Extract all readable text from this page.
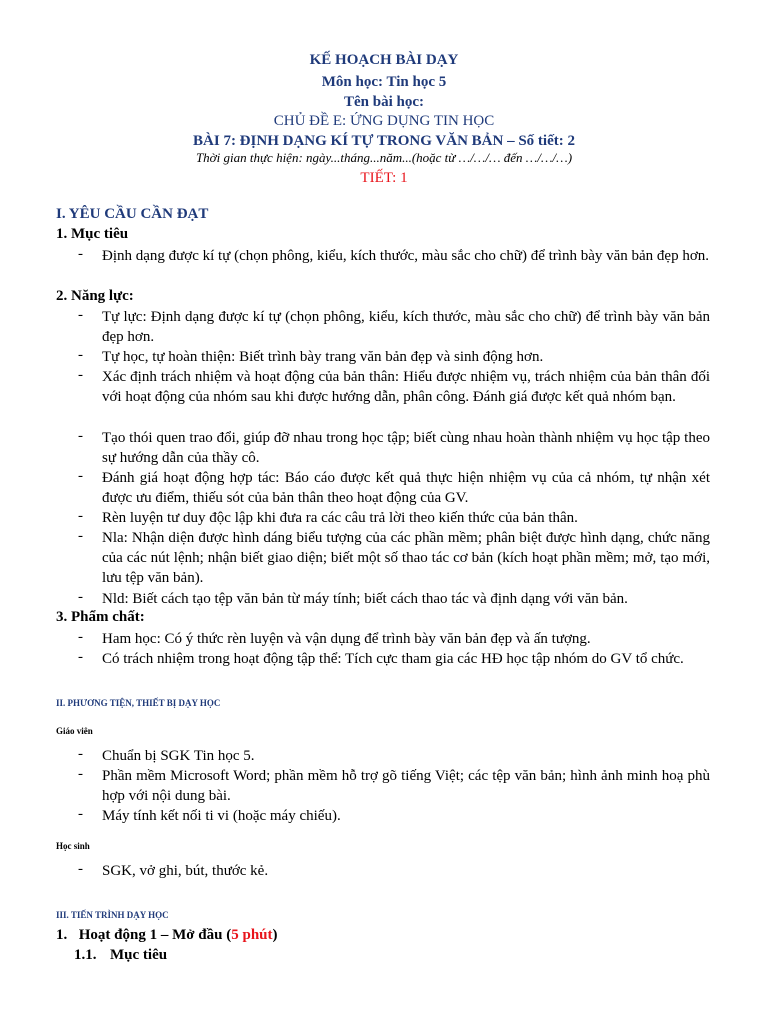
KẾ HOẠCH BÀI DẠY
Môn học: Tin học 5
Tên bài học:
CHỦ ĐỀ E: ỨNG DỤNG TIN HỌC
BÀI 7: ĐỊNH DẠNG KÍ TỰ TRONG VĂN BẢN – Số tiết: 2
Thời gian thực hiện: ngày...tháng...năm...(hoặc từ …/…/… đến …/…/…)
TIẾT: 1
I. YÊU CẦU CẦN ĐẠT
1. Mục tiêu
- Định dạng được kí tự (chọn phông, kiểu, kích thước, màu sắc cho chữ) để trình bày văn bản đẹp hơn.
2. Năng lực:
- Tự lực: Định dạng được kí tự (chọn phông, kiểu, kích thước, màu sắc cho chữ) để trình bày văn bản đẹp hơn.
- Tự học, tự hoàn thiện: Biết trình bày trang văn bản đẹp và sinh động hơn.
- Xác định trách nhiệm và hoạt động của bản thân: Hiểu được nhiệm vụ, trách nhiệm của bản thân đối với hoạt động của nhóm sau khi được hướng dẫn, phân công. Đánh giá được kết quả nhóm bạn.
- Tạo thói quen trao đổi, giúp đỡ nhau trong học tập; biết cùng nhau hoàn thành nhiệm vụ học tập theo sự hướng dẫn của thầy cô.
- Đánh giá hoạt động hợp tác: Báo cáo được kết quả thực hiện nhiệm vụ của cả nhóm, tự nhận xét được ưu điểm, thiếu sót của bản thân theo hoạt động của GV.
- Rèn luyện tư duy độc lập khi đưa ra các câu trả lời theo kiến thức của bản thân.
- Nla: Nhận diện được hình dáng biểu tượng của các phần mềm; phân biệt được hình dạng, chức năng của các nút lệnh; nhận biết giao diện; biết một số thao tác cơ bản (kích hoạt phần mềm; mở, tạo mới, lưu tệp văn bản).
- Nld: Biết cách tạo tệp văn bản từ máy tính; biết cách thao tác và định dạng với văn bản.
3. Phẩm chất:
- Ham học: Có ý thức rèn luyện và vận dụng để trình bày văn bản đẹp và ấn tượng.
- Có trách nhiệm trong hoạt động tập thể: Tích cực tham gia các HĐ học tập nhóm do GV tổ chức.
II. PHƯƠNG TIỆN, THIẾT BỊ DẠY HỌC
Giáo viên
- Chuẩn bị SGK Tin học 5.
- Phần mềm Microsoft Word; phần mềm hỗ trợ gõ tiếng Việt; các tệp văn bản; hình ảnh minh hoạ phù hợp với nội dung bài.
- Máy tính kết nối ti vi (hoặc máy chiếu).
Học sinh
- SGK, vở ghi, bút, thước kẻ.
III. TIẾN TRÌNH DẠY HỌC
1. Hoạt động 1 – Mở đầu (5 phút)
1.1. Mục tiêu
